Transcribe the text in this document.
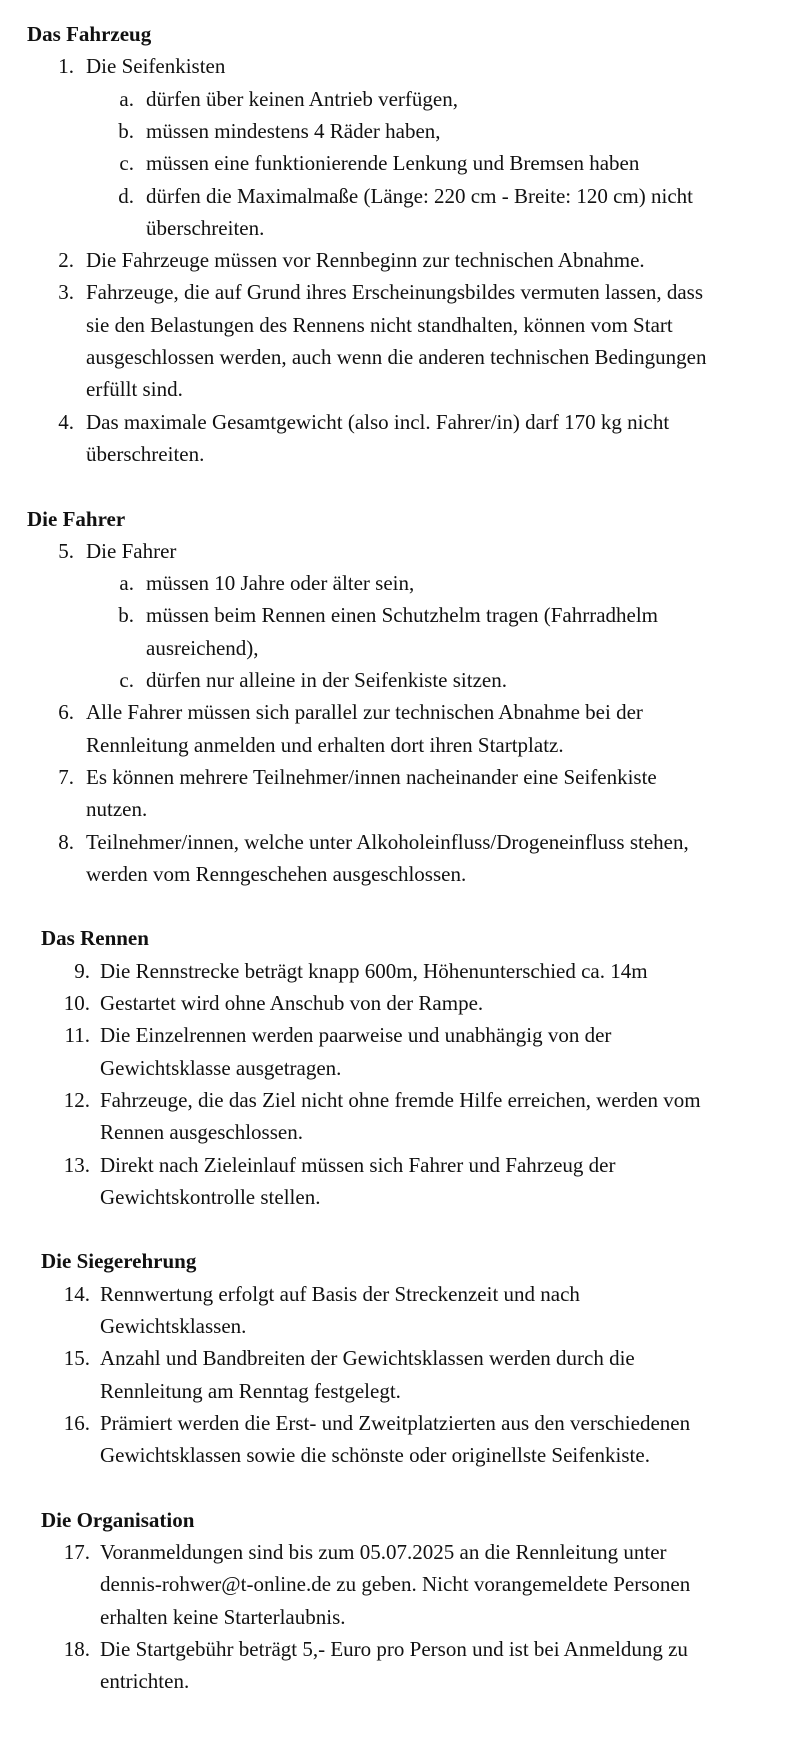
Das Fahrzeug
1. Die Seifenkisten
a. dürfen über keinen Antrieb verfügen,
b. müssen mindestens 4 Räder haben,
c. müssen eine funktionierende Lenkung und Bremsen haben
d. dürfen die Maximalmaße (Länge: 220 cm - Breite: 120 cm) nicht
überschreiten.
2. Die Fahrzeuge müssen vor Rennbeginn zur technischen Abnahme.
3. Fahrzeuge, die auf Grund ihres Erscheinungsbildes vermuten lassen, dass
sie den Belastungen des Rennens nicht standhalten, können vom Start
ausgeschlossen werden, auch wenn die anderen technischen Bedingungen
erfüllt sind.
4. Das maximale Gesamtgewicht (also incl. Fahrer/in) darf 170 kg nicht
überschreiten.
Die Fahrer
5. Die Fahrer
a. müssen 10 Jahre oder älter sein,
b. müssen beim Rennen einen Schutzhelm tragen (Fahrradhelm
ausreichend),
c. dürfen nur alleine in der Seifenkiste sitzen.
6. Alle Fahrer müssen sich parallel zur technischen Abnahme bei der
Rennleitung anmelden und erhalten dort ihren Startplatz.
7. Es können mehrere Teilnehmer/innen nacheinander eine Seifenkiste
nutzen.
8. Teilnehmer/innen, welche unter Alkoholeinfluss/Drogeneinfluss stehen,
werden vom Renngeschehen ausgeschlossen.
Das Rennen
9. Die Rennstrecke beträgt knapp 600m, Höhenunterschied ca. 14m
10. Gestartet wird ohne Anschub von der Rampe.
11. Die Einzelrennen werden paarweise und unabhängig von der
Gewichtsklasse ausgetragen.
12. Fahrzeuge, die das Ziel nicht ohne fremde Hilfe erreichen, werden vom
Rennen ausgeschlossen.
13. Direkt nach Zieleinlauf müssen sich Fahrer und Fahrzeug der
Gewichtskontrolle stellen.
Die Siegerehrung
14. Rennwertung erfolgt auf Basis der Streckenzeit und nach
Gewichtsklassen.
15. Anzahl und Bandbreiten der Gewichtsklassen werden durch die
Rennleitung am Renntag festgelegt.
16. Prämiert werden die Erst- und Zweitplatzierten aus den verschiedenen
Gewichtsklassen sowie die schönste oder originellste Seifenkiste.
Die Organisation
17. Voranmeldungen sind bis zum 05.07.2025 an die Rennleitung unter
dennis-rohwer@t-online.de zu geben. Nicht vorangemeldete Personen
erhalten keine Starterlaubnis.
18. Die Startgebühr beträgt 5,- Euro pro Person und ist bei Anmeldung zu
entrichten.
